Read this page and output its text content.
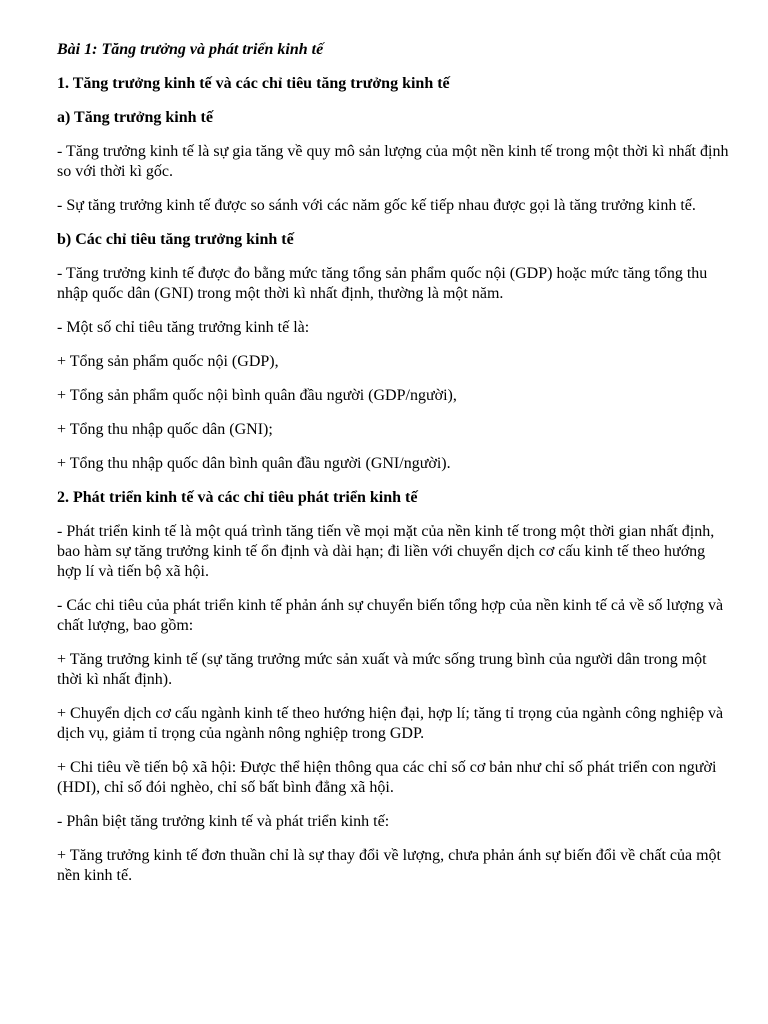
Bài 1: Tăng trưởng và phát triển kinh tế

1. Tăng trưởng kinh tế và các chỉ tiêu tăng trưởng kinh tế

a) Tăng trưởng kinh tế

- Tăng trưởng kinh tế là sự gia tăng về quy mô sản lượng của một nền kinh tế trong một thời kì nhất định so với thời kì gốc.

- Sự tăng trưởng kinh tế được so sánh với các năm gốc kế tiếp nhau được gọi là tăng trưởng kinh tế.

b) Các chỉ tiêu tăng trưởng kinh tế

- Tăng trưởng kinh tế được đo bằng mức tăng tổng sản phẩm quốc nội (GDP) hoặc mức tăng tổng thu nhập quốc dân (GNI) trong một thời kì nhất định, thường là một năm.

- Một số chỉ tiêu tăng trưởng kinh tế là:

+ Tổng sản phẩm quốc nội (GDP),

+ Tổng sản phẩm quốc nội bình quân đầu người (GDP/người),

+ Tổng thu nhập quốc dân (GNI);

+ Tổng thu nhập quốc dân bình quân đầu người (GNI/người).

2. Phát triển kinh tế và các chỉ tiêu phát triển kinh tế

- Phát triển kinh tế là một quá trình tăng tiến về mọi mặt của nền kinh tế trong một thời gian nhất định, bao hàm sự tăng trưởng kinh tế ổn định và dài hạn; đi liền với chuyển dịch cơ cấu kinh tế theo hướng hợp lí và tiến bộ xã hội.

- Các chi tiêu của phát triển kinh tế phản ánh sự chuyển biến tổng hợp của nền kinh tế cả về số lượng và chất lượng, bao gồm:

+ Tăng trưởng kinh tế (sự tăng trưởng mức sản xuất và mức sống trung bình của người dân trong một thời kì nhất định).

+ Chuyển dịch cơ cấu ngành kinh tế theo hướng hiện đại, hợp lí; tăng tỉ trọng của ngành công nghiệp và dịch vụ, giảm tỉ trọng của ngành nông nghiệp trong GDP.

+ Chi tiêu về tiến bộ xã hội: Được thể hiện thông qua các chỉ số cơ bản như chỉ số phát triển con người (HDI), chỉ số đói nghèo, chỉ số bất bình đẳng xã hội.

- Phân biệt tăng trưởng kinh tế và phát triển kinh tế:

+ Tăng trưởng kinh tế đơn thuần chỉ là sự thay đổi về lượng, chưa phản ánh sự biến đổi về chất của một nền kinh tế.
